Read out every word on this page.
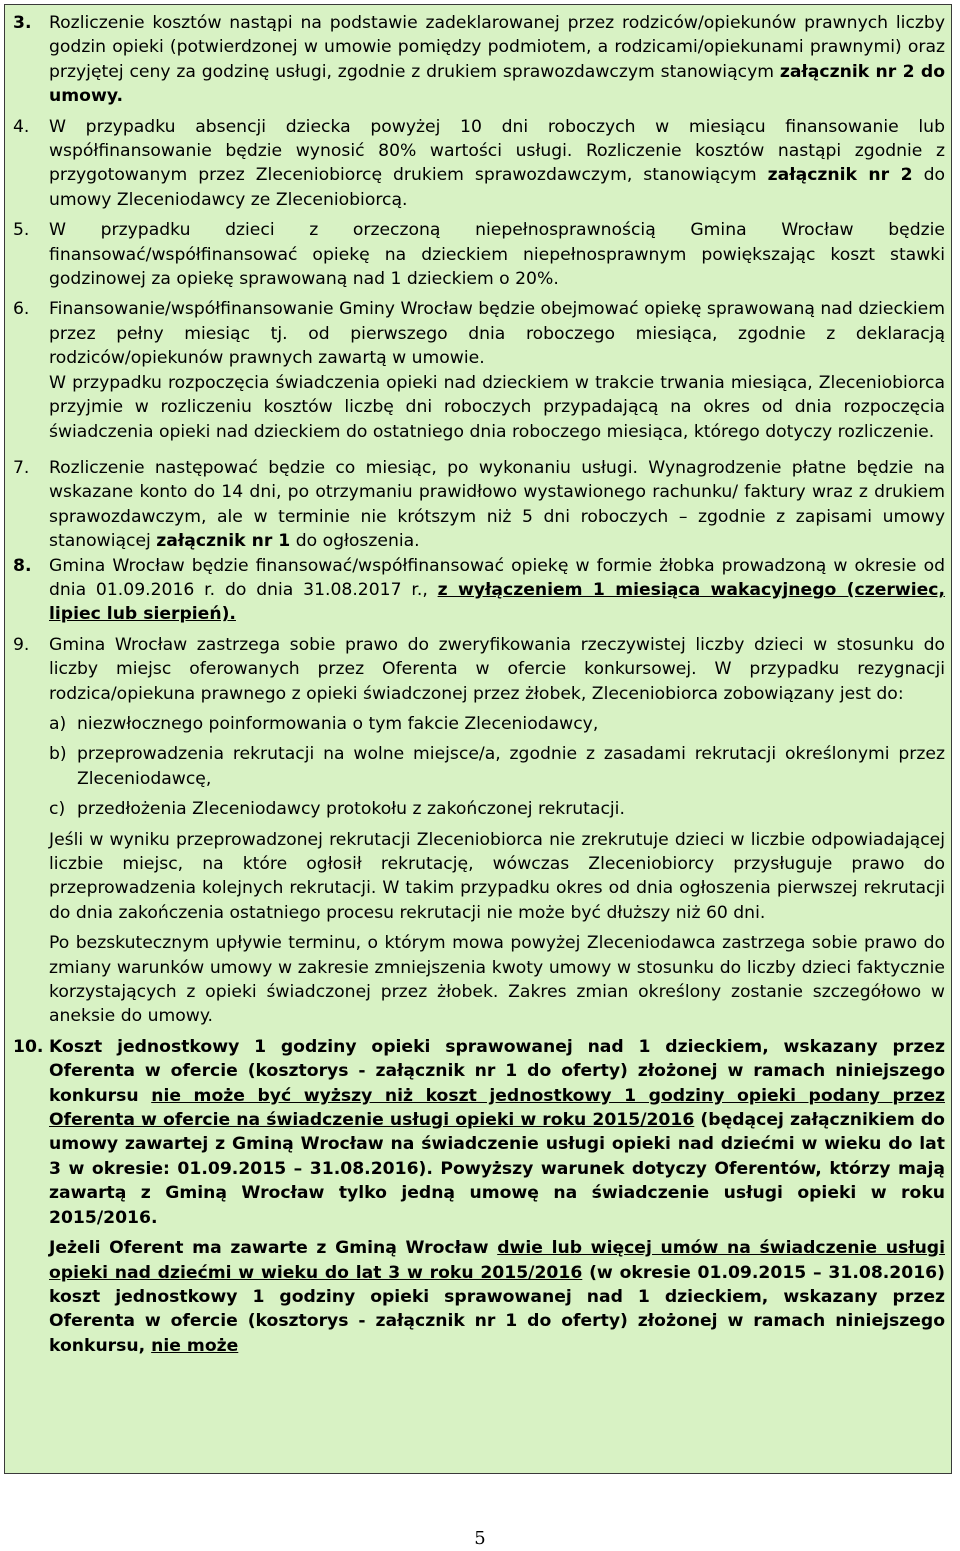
3.	Rozliczenie kosztów nastąpi na podstawie zadeklarowanej przez rodziców/opiekunów prawnych liczby godzin opieki (potwierdzonej w umowie pomiędzy podmiotem, a rodzicami/opiekunami prawnymi) oraz przyjętej ceny za godzinę usługi, zgodnie z drukiem sprawozdawczym stanowiącym załącznik nr 2 do umowy.
4.	W przypadku absencji dziecka powyżej 10 dni roboczych w miesiącu finansowanie lub współfinansowanie będzie wynosić 80% wartości usługi. Rozliczenie kosztów nastąpi zgodnie z przygotowanym przez Zleceniobiorcę drukiem sprawozdawczym, stanowiącym załącznik nr 2 do umowy Zleceniodawcy ze Zleceniobiorcą.
5.	W przypadku dzieci z orzeczoną niepełnosprawnością Gmina Wrocław będzie finansować/współfinansować opiekę na dzieckiem niepełnosprawnym powiększając koszt stawki godzinowej za opiekę sprawowaną nad 1 dzieckiem o 20%.
6.	Finansowanie/współfinansowanie Gminy Wrocław będzie obejmować opiekę sprawowaną nad dzieckiem przez pełny miesiąc tj. od pierwszego dnia roboczego miesiąca, zgodnie z deklaracją rodziców/opiekunów prawnych zawartą w umowie.

W przypadku rozpoczęcia świadczenia opieki nad dzieckiem w trakcie trwania miesiąca, Zleceniobiorca przyjmie w rozliczeniu kosztów liczbę dni roboczych przypadającą na okres od dnia rozpoczęcia świadczenia opieki nad dzieckiem do ostatniego dnia roboczego miesiąca, którego dotyczy rozliczenie.

7.	Rozliczenie następować będzie co miesiąc, po wykonaniu usługi. Wynagrodzenie płatne będzie na wskazane konto do 14 dni, po otrzymaniu prawidłowo wystawionego rachunku/ faktury wraz z drukiem sprawozdawczym, ale w terminie nie krótszym niż 5 dni roboczych – zgodnie z zapisami umowy stanowiącej załącznik nr 1 do ogłoszenia.
8.	Gmina Wrocław będzie finansować/współfinansować opiekę w formie żłobka prowadzoną w okresie od dnia 01.09.2016 r. do dnia 31.08.2017 r., z wyłączeniem 1 miesiąca wakacyjnego (czerwiec, lipiec lub sierpień).
9.	Gmina Wrocław zastrzega sobie prawo do zweryfikowania rzeczywistej liczby dzieci w stosunku do liczby miejsc oferowanych przez Oferenta w ofercie konkursowej. W przypadku rezygnacji rodzica/opiekuna prawnego z opieki świadczonej przez żłobek, Zleceniobiorca zobowiązany jest do:
a) niezwłocznego poinformowania o tym fakcie Zleceniodawcy,
b) przeprowadzenia rekrutacji na wolne miejsce/a, zgodnie z zasadami rekrutacji określonymi przez Zleceniodawcę,
c) przedłożenia Zleceniodawcy protokołu z zakończonej rekrutacji.

Jeśli w wyniku przeprowadzonej rekrutacji Zleceniobiorca nie zrekrutuje dzieci w liczbie odpowiadającej liczbie miejsc, na które ogłosił rekrutację, wówczas Zleceniobiorcy przysługuje prawo do przeprowadzenia kolejnych rekrutacji. W takim przypadku okres od dnia ogłoszenia pierwszej rekrutacji do dnia zakończenia ostatniego procesu rekrutacji nie może być dłuższy niż 60 dni.

Po bezskutecznym upływie terminu, o którym mowa powyżej Zleceniodawca zastrzega sobie prawo do zmiany warunków umowy w zakresie zmniejszenia kwoty umowy w stosunku do liczby dzieci faktycznie korzystających z opieki świadczonej przez żłobek. Zakres zmian określony zostanie szczegółowo w aneksie do umowy.

10. Koszt jednostkowy 1 godziny opieki sprawowanej nad 1 dzieckiem, wskazany przez Oferenta w ofercie (kosztorys - załącznik nr 1 do oferty) złożonej w ramach niniejszego konkursu nie może być wyższy niż koszt jednostkowy 1 godziny opieki podany przez Oferenta w ofercie na świadczenie usługi opieki w roku 2015/2016 (będącej załącznikiem do umowy zawartej z Gminą Wrocław na świadczenie usługi opieki nad dziećmi w wieku do lat 3 w okresie: 01.09.2015 – 31.08.2016). Powyższy warunek dotyczy Oferentów, którzy mają zawartą z Gminą Wrocław tylko jedną umowę na świadczenie usługi opieki w roku 2015/2016.

Jeżeli Oferent ma zawarte z Gminą Wrocław dwie lub więcej umów na świadczenie usługi opieki nad dziećmi w wieku do lat 3 w roku 2015/2016 (w okresie 01.09.2015 – 31.08.2016) koszt jednostkowy 1 godziny opieki sprawowanej nad 1 dzieckiem, wskazany przez Oferenta w ofercie (kosztorys - załącznik nr 1 do oferty) złożonej w ramach niniejszego konkursu, nie może

5
